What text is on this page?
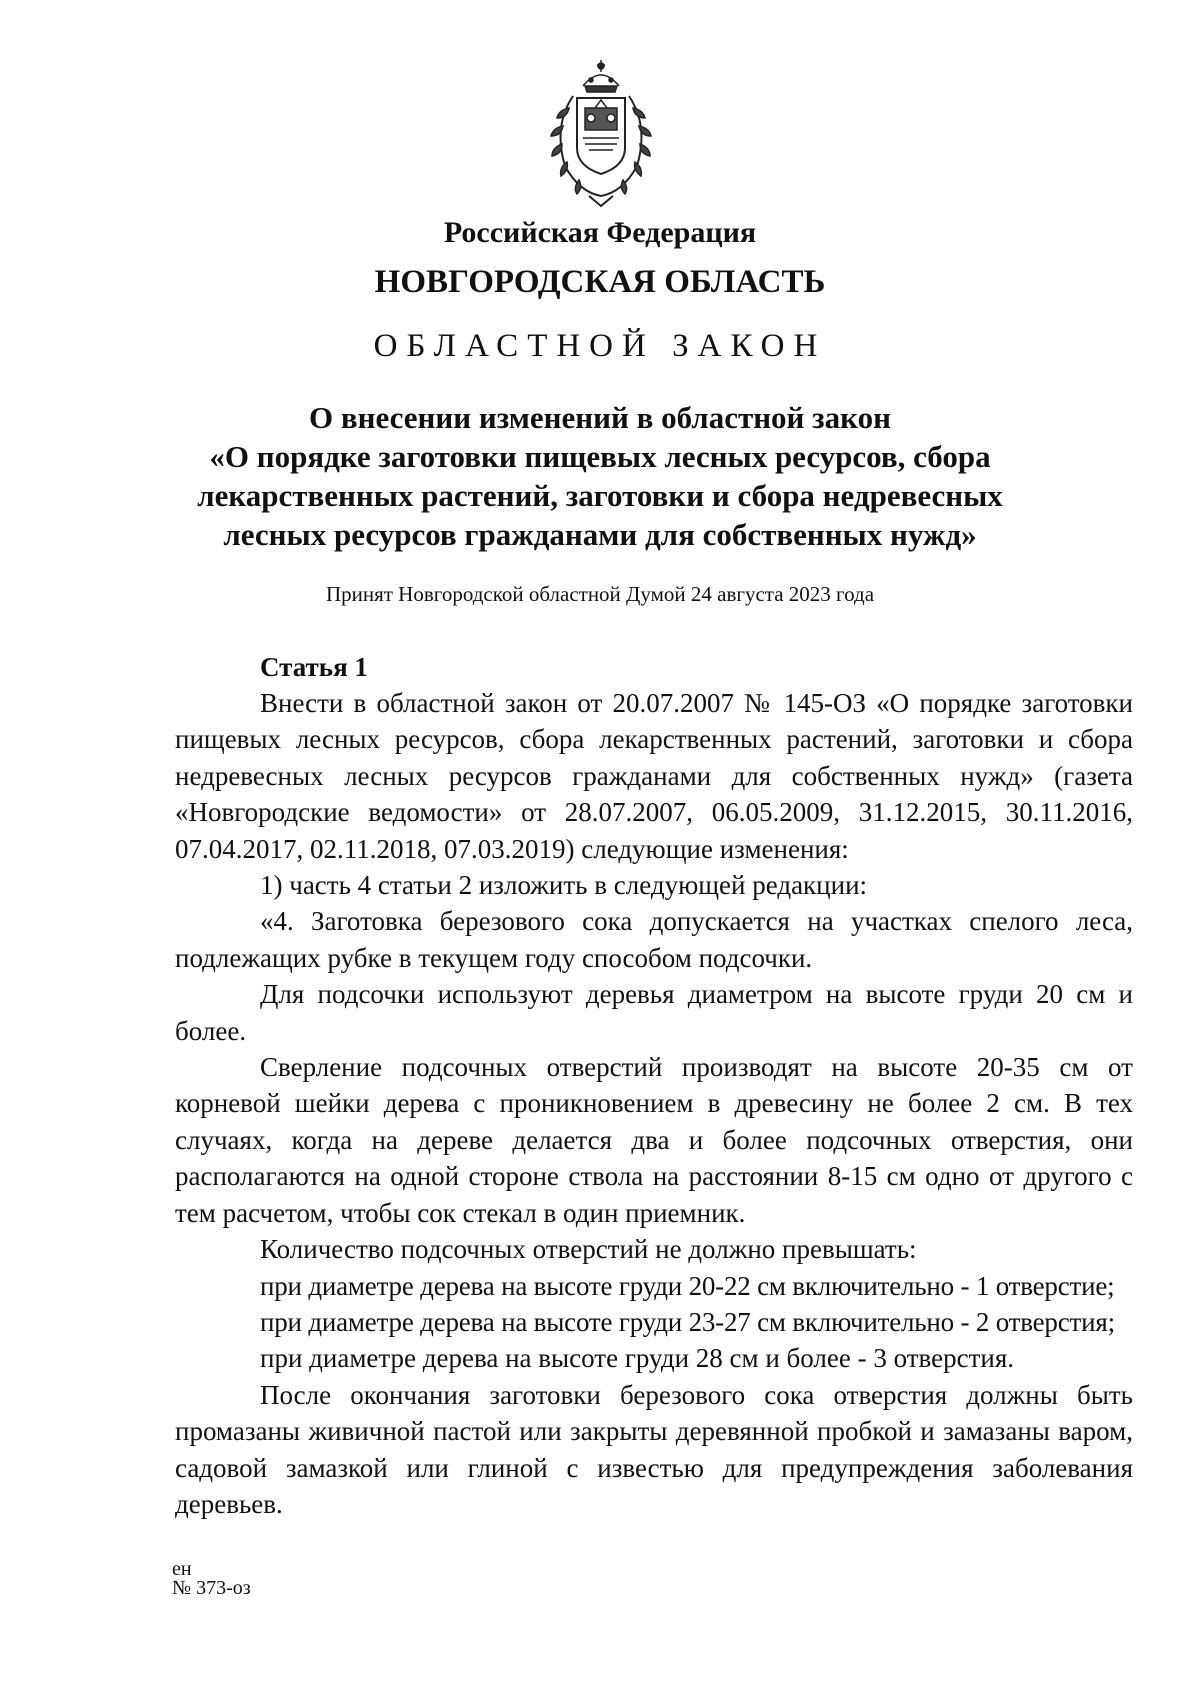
Российская Федерация
НОВГОРОДСКАЯ ОБЛАСТЬ
ОБЛАСТНОЙ ЗАКОН
О внесении изменений в областной закон
«О порядке заготовки пищевых лесных ресурсов, сбора
лекарственных растений, заготовки и сбора недревесных
лесных ресурсов гражданами для собственных нужд»
Принят Новгородской областной Думой 24 августа 2023 года
Статья 1

Внести в областной закон от 20.07.2007 № 145-ОЗ «О порядке заготовки пищевых лесных ресурсов, сбора лекарственных растений, заготовки и сбора недревесных лесных ресурсов гражданами для собственных нужд» (газета «Новгородские ведомости» от 28.07.2007, 06.05.2009, 31.12.2015, 30.11.2016, 07.04.2017, 02.11.2018, 07.03.2019) следующие изменения:

1) часть 4 статьи 2 изложить в следующей редакции:

«4. Заготовка березового сока допускается на участках спелого леса, подлежащих рубке в текущем году способом подсочки.

Для подсочки используют деревья диаметром на высоте груди 20 см и более.

Сверление подсочных отверстий производят на высоте 20-35 см от корневой шейки дерева с проникновением в древесину не более 2 см. В тех случаях, когда на дереве делается два и более подсочных отверстия, они располагаются на одной стороне ствола на расстоянии 8-15 см одно от другого с тем расчетом, чтобы сок стекал в один приемник.

Количество подсочных отверстий не должно превышать:

при диаметре дерева на высоте груди 20-22 см включительно - 1 отверстие;

при диаметре дерева на высоте груди 23-27 см включительно - 2 отверстия;

при диаметре дерева на высоте груди 28 см и более - 3 отверстия.

После окончания заготовки березового сока отверстия должны быть промазаны живичной пастой или закрыты деревянной пробкой и замазаны варом, садовой замазкой или глиной с известью для предупреждения заболевания деревьев.

ен
№ 373-оз
